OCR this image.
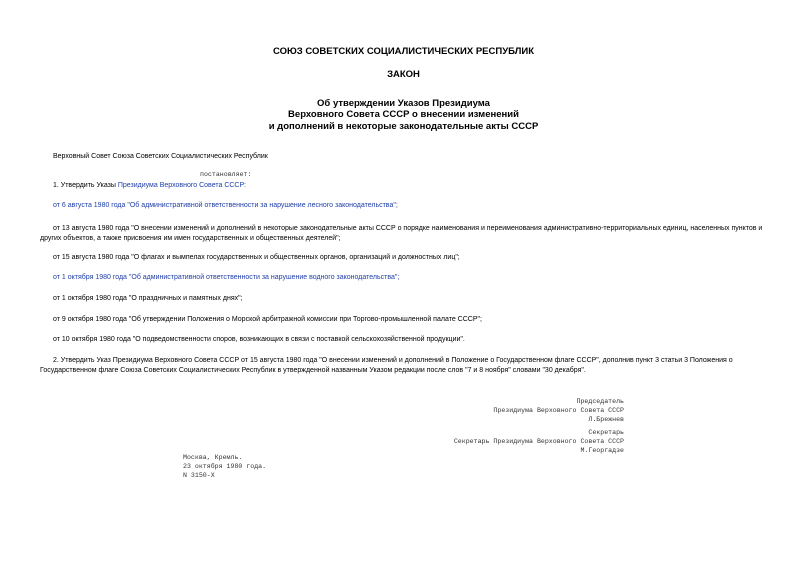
СОЮЗ СОВЕТСКИХ СОЦИАЛИСТИЧЕСКИХ РЕСПУБЛИК

ЗАКОН

Об утверждении Указов Президиума

Верховного Совета СССР о внесении изменений

и дополнений в некоторые законодательные акты СССР

Верховный Совет Союза Советских Социалистических Республик

постановляет:

1. Утвердить Указы Президиума Верховного Совета СССР:

от 6 августа 1980 года "Об административной ответственности за нарушение лесного законодательства";

от 13 августа 1980 года "О внесении изменений и дополнений в некоторые законодательные акты СССР о порядке наименования и переименования административно-территориальных единиц, населенных пунктов и других объектов, а также присвоения им имен государственных и общественных деятелей";

от 15 августа 1980 года "О флагах и вымпелах государственных и общественных органов, организаций и должностных лиц";

от 1 октября 1980 года "Об административной ответственности за нарушение водного законодательства";

от 1 октября 1980 года "О праздничных и памятных днях";

от 9 октября 1980 года "Об утверждении Положения о Морской арбитражной комиссии при Торгово-промышленной палате СССР";

от 10 октября 1980 года "О подведомственности споров, возникающих в связи с поставкой сельскохозяйственной продукции".

2. Утвердить Указ Президиума Верховного Совета СССР от 15 августа 1980 года "О внесении изменений и дополнений в Положение о Государственном флаге СССР", дополнив пункт 3 статьи 3 Положения о Государственном флаге Союза Советских Социалистических Республик в утвержденной названным Указом редакции после слов "7 и 8 ноября" словами "30 декабря".

Председатель

Президиума Верховного Совета СССР

Л.Брежнев

Секретарь

Секретарь Президиума Верховного Совета СССР

М.Георгадзе

Москва, Кремль.

23 октября 1980 года.

N 3150-X
